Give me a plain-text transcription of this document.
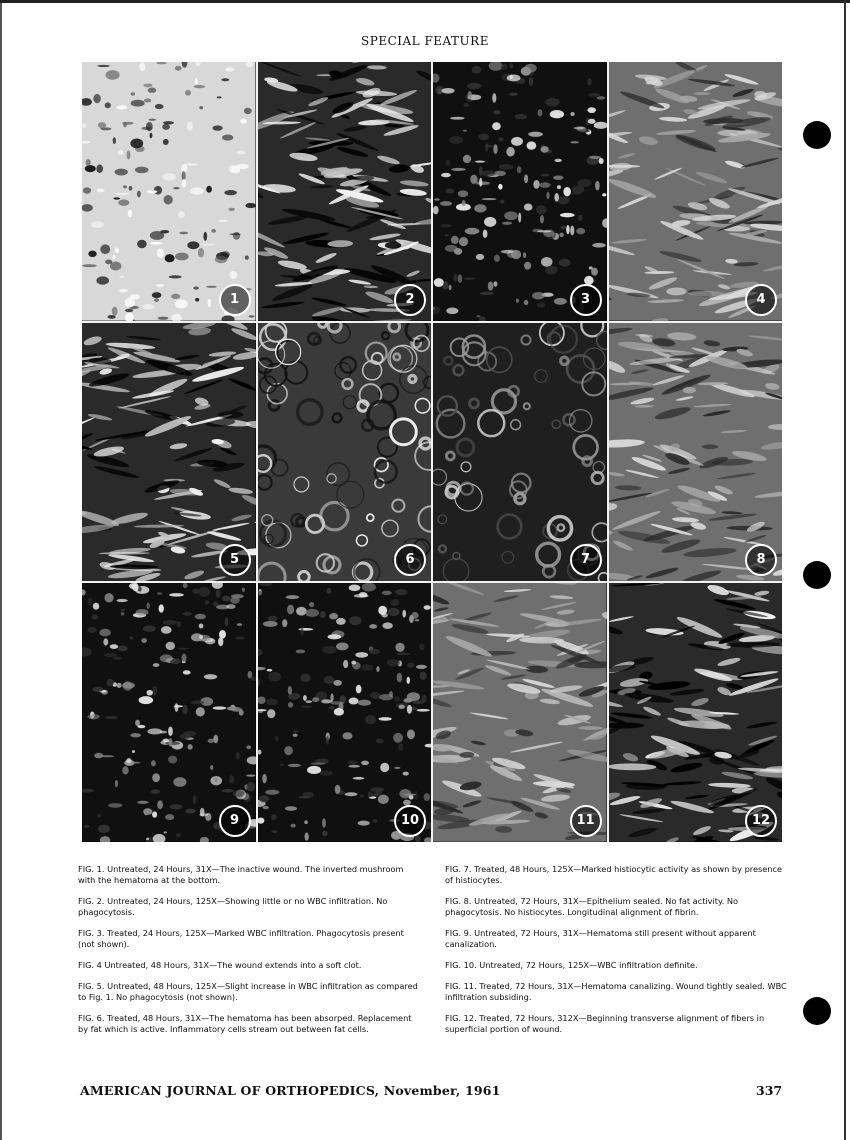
SPECIAL FEATURE
1	2	3	4
5	6	7	8
9	10	11	12

FIG. 1. Untreated, 24 Hours, 31X—The inactive wound. The inverted mushroom with the hematoma at the bottom.

FIG. 2. Untreated, 24 Hours, 125X—Showing little or no WBC infiltration. No phagocytosis.

FIG. 3. Treated, 24 Hours, 125X—Marked WBC infiltration. Phagocytosis present (not shown).

FIG. 4 Untreated, 48 Hours, 31X—The wound extends into a soft clot.

FIG. 5. Untreated, 48 Hours, 125X—Slight increase in WBC infiltration as compared to Fig. 1. No phagocytosis (not shown).

FIG. 6. Treated, 48 Hours, 31X—The hematoma has been absorped. Replacement by fat which is active. Inflammatory cells stream out between fat cells.

FIG. 7. Treated, 48 Hours, 125X—Marked histiocytic activity as shown by presence of histiocytes.

FIG. 8. Untreated, 72 Hours, 31X—Epithelium sealed. No fat activity. No phagocytosis. No histiocytes. Longitudinal alignment of fibrin.

FIG. 9. Untreated, 72 Hours, 31X—Hematoma still present without apparent canalization.

FIG. 10. Untreated, 72 Hours, 125X—WBC infiltration definite.

FIG. 11. Treated, 72 Hours, 31X—Hematoma canalizing. Wound tightly sealed. WBC infiltration subsiding.

FIG. 12. Treated, 72 Hours, 312X—Beginning transverse alignment of fibers in superficial portion of wound.

AMERICAN JOURNAL OF ORTHOPEDICS, November, 1961	337
